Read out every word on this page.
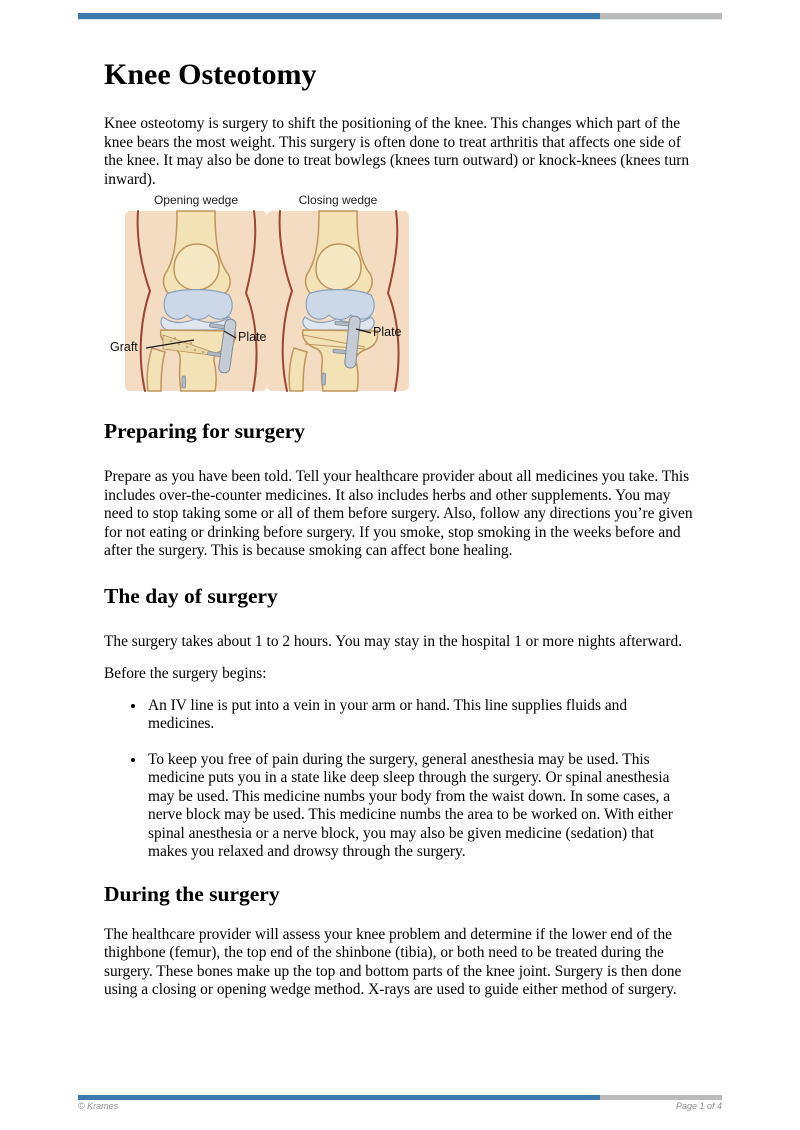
Knee Osteotomy

Knee osteotomy is surgery to shift the positioning of the knee. This changes which part of the knee bears the most weight. This surgery is often done to treat arthritis that affects one side of the knee. It may also be done to treat bowlegs (knees turn outward) or knock-knees (knees turn inward).

Opening wedge	Closing wedge
Graft
Plate	Plate
Preparing for surgery

Prepare as you have been told. Tell your healthcare provider about all medicines you take. This includes over-the-counter medicines. It also includes herbs and other supplements. You may need to stop taking some or all of them before surgery. Also, follow any directions you’re given for not eating or drinking before surgery. If you smoke, stop smoking in the weeks before and after the surgery. This is because smoking can affect bone healing.

The day of surgery

The surgery takes about 1 to 2 hours. You may stay in the hospital 1 or more nights afterward.

Before the surgery begins:

• An IV line is put into a vein in your arm or hand. This line supplies fluids and medicines.
• To keep you free of pain during the surgery, general anesthesia may be used. This medicine puts you in a state like deep sleep through the surgery. Or spinal anesthesia may be used. This medicine numbs your body from the waist down. In some cases, a nerve block may be used. This medicine numbs the area to be worked on. With either spinal anesthesia or a nerve block, you may also be given medicine (sedation) that makes you relaxed and drowsy through the surgery.
During the surgery

The healthcare provider will assess your knee problem and determine if the lower end of the thighbone (femur), the top end of the shinbone (tibia), or both need to be treated during the surgery. These bones make up the top and bottom parts of the knee joint. Surgery is then done using a closing or opening wedge method. X-rays are used to guide either method of surgery.

© Krames	Page 1 of 4
